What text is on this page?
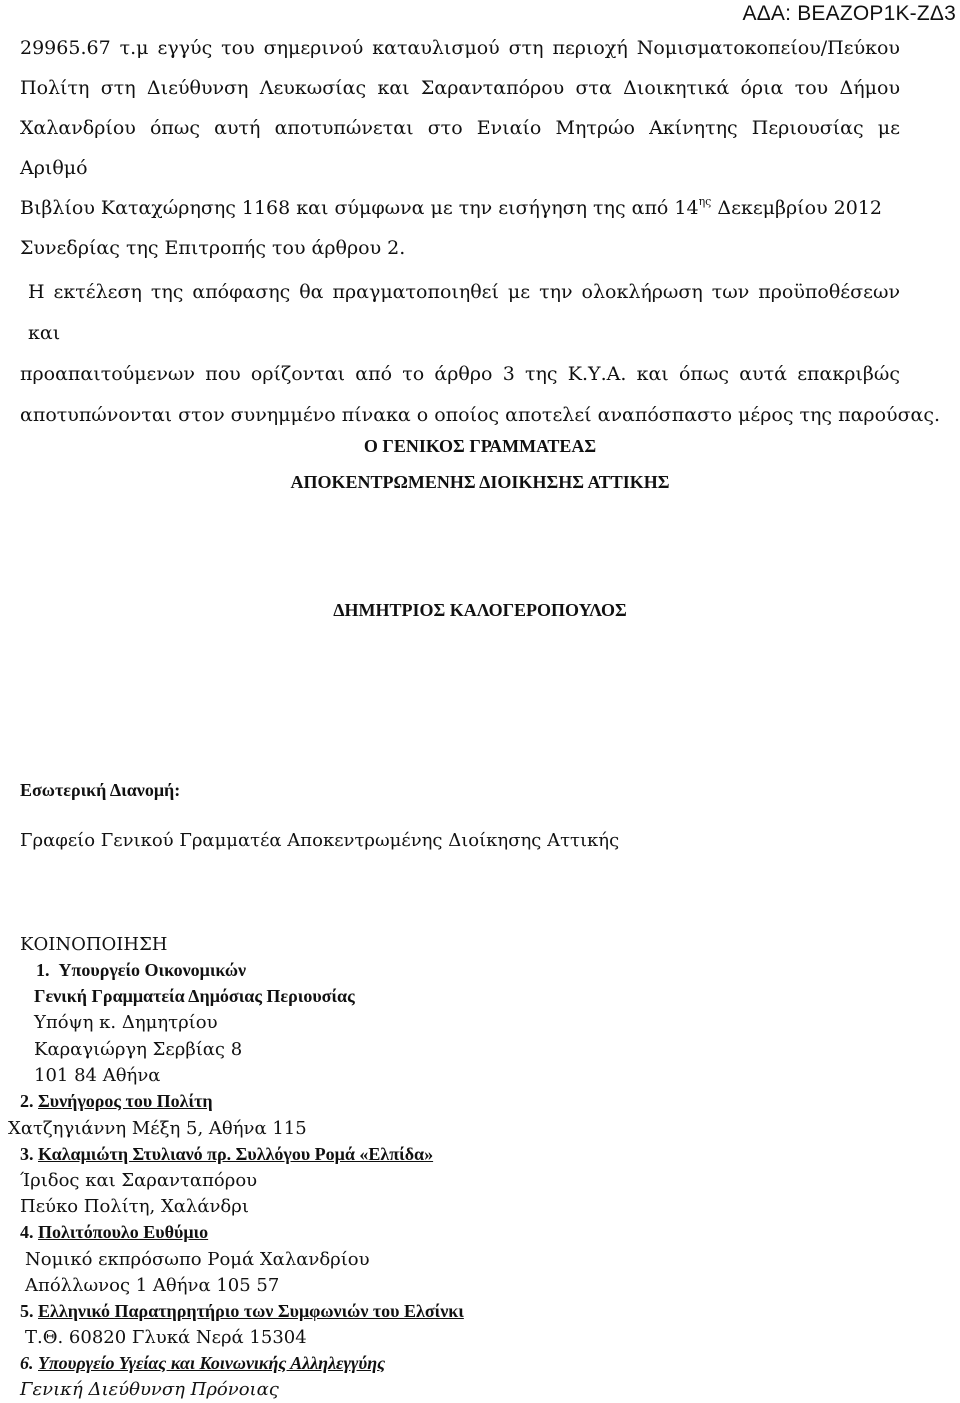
ΑΔΑ: ΒΕΑΖΟΡ1Κ-ΖΔ3
29965.67 τ.μ εγγύς του σημερινού καταυλισμού στη περιοχή Νομισματοκοπείου/Πεύκου
Πολίτη στη Διεύθυνση Λευκωσίας και Σαρανταπόρου στα Διοικητικά όρια του Δήμου
Χαλανδρίου όπως αυτή αποτυπώνεται στο Ενιαίο Μητρώο Ακίνητης Περιουσίας με Αριθμό
Βιβλίου Καταχώρησης 1168 και σύμφωνα με την εισήγηση της από $14^{\eta\varsigma}$ Δεκεμβρίου 2012
Συνεδρίας της Επιτροπής του άρθρου 2.
Η εκτέλεση της απόφασης θα πραγματοποιηθεί με την ολοκλήρωση των προϋποθέσεων και
προαπαιτούμενων που ορίζονται από το άρθρο 3 της Κ.Υ.Α. και όπως αυτά επακριβώς
αποτυπώνονται στον συνημμένο πίνακα ο οποίος αποτελεί αναπόσπαστο μέρος της παρούσας.
Ο ΓΕΝΙΚΟΣ ΓΡΑΜΜΑΤΕΑΣ
ΑΠΟΚΕΝΤΡΩΜΕΝΗΣ ΔΙΟΙΚΗΣΗΣ ΑΤΤΙΚΗΣ
ΔΗΜΗΤΡΙΟΣ ΚΑΛΟΓΕΡΟΠΟΥΛΟΣ
Εσωτερική Διανομή:
Γραφείο Γενικού Γραμματέα Αποκεντρωμένης Διοίκησης Αττικής
ΚΟΙΝΟΠΟΙΗΣΗ
1. Υπουργείο Οικονομικών
Γενική Γραμματεία Δημόσιας Περιουσίας
Υπόψη κ. Δημητρίου
Καραγιώργη Σερβίας 8
101 84 Αθήνα
2. Συνήγορος του Πολίτη
Χατζηγιάννη Μέξη 5, Αθήνα 115
3. Καλαμιώτη Στυλιανό πρ. Συλλόγου Ρομά «Ελπίδα»
Ίριδος και Σαρανταπόρου
Πεύκο Πολίτη, Χαλάνδρι
4. Πολιτόπουλο Ευθύμιο
Νομικό εκπρόσωπο Ρομά Χαλανδρίου
Απόλλωνος 1 Αθήνα 105 57
5. Ελληνικό Παρατηρητήριο των Συμφωνιών του Ελσίνκι
Τ.Θ. 60820 Γλυκά Νερά 15304
6. Υπουργείο Υγείας και Κοινωνικής Αλληλεγγύης
Γενική Διεύθυνση Πρόνοιας
